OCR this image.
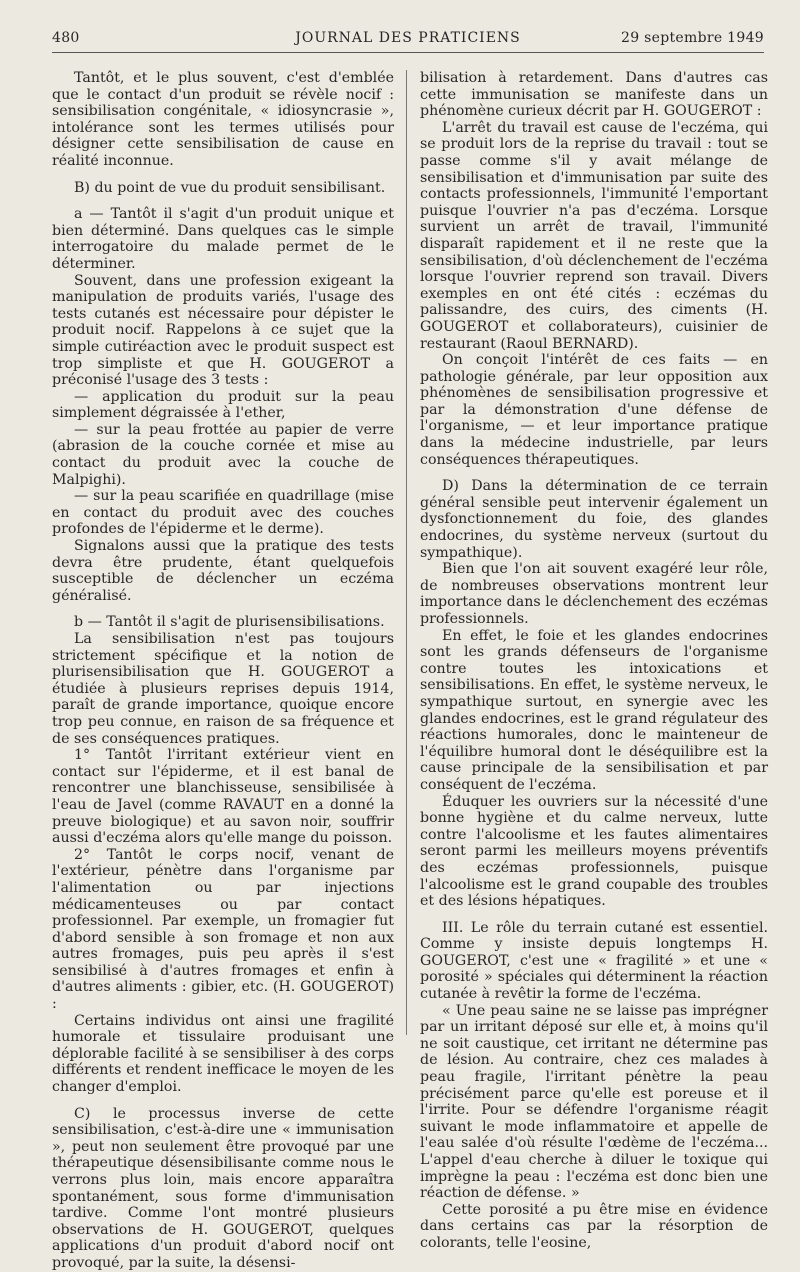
480	JOURNAL DES PRATICIENS	29 septembre 1949

Tantôt, et le plus souvent, c'est d'emblée que le contact d'un produit se révèle nocif : sensibilisation congénitale, « idiosyncrasie », intolérance sont les termes utilisés pour désigner cette sensibilisation de cause en réalité inconnue.

B) du point de vue du produit sensibilisant.

a — Tantôt il s'agit d'un produit unique et bien déterminé. Dans quelques cas le simple interrogatoire du malade permet de le déterminer.

Souvent, dans une profession exigeant la manipulation de produits variés, l'usage des tests cutanés est nécessaire pour dépister le produit nocif. Rappelons à ce sujet que la simple cutiréaction avec le produit suspect est trop simpliste et que H. GOUGEROT a préconisé l'usage des 3 tests :

— application du produit sur la peau simplement dégraissée à l'ether,

— sur la peau frottée au papier de verre (abrasion de la couche cornée et mise au contact du produit avec la couche de Malpighi).

— sur la peau scarifiée en quadrillage (mise en contact du produit avec des couches profondes de l'épiderme et le derme).

Signalons aussi que la pratique des tests devra être prudente, étant quelquefois susceptible de déclencher un eczéma généralisé.

b — Tantôt il s'agit de plurisensibilisations.

La sensibilisation n'est pas toujours strictement spécifique et la notion de plurisensibilisation que H. GOUGEROT a étudiée à plusieurs reprises depuis 1914, paraît de grande importance, quoique encore trop peu connue, en raison de sa fréquence et de ses conséquences pratiques.

1° Tantôt l'irritant extérieur vient en contact sur l'épiderme, et il est banal de rencontrer une blanchisseuse, sensibilisée à l'eau de Javel (comme RAVAUT en a donné la preuve biologique) et au savon noir, souffrir aussi d'eczéma alors qu'elle mange du poisson.

2° Tantôt le corps nocif, venant de l'extérieur, pénètre dans l'organisme par l'alimentation ou par injections médicamenteuses ou par contact professionnel. Par exemple, un fromagier fut d'abord sensible à son fromage et non aux autres fromages, puis peu après il s'est sensibilisé à d'autres fromages et enfin à d'autres aliments : gibier, etc. (H. GOUGEROT) :

Certains individus ont ainsi une fragilité humorale et tissulaire produisant une déplorable facilité à se sensibiliser à des corps différents et rendent inefficace le moyen de les changer d'emploi.

C) le processus inverse de cette sensibilisation, c'est-à-dire une « immunisation », peut non seulement être provoqué par une thérapeutique désensibilisante comme nous le verrons plus loin, mais encore apparaîtra spontanément, sous forme d'immunisation tardive. Comme l'ont montré plusieurs observations de H. GOUGEROT, quelques applications d'un produit d'abord nocif ont provoqué, par la suite, la désensi-

bilisation à retardement. Dans d'autres cas cette immunisation se manifeste dans un phénomène curieux décrit par H. GOUGEROT :

L'arrêt du travail est cause de l'eczéma, qui se produit lors de la reprise du travail : tout se passe comme s'il y avait mélange de sensibilisation et d'immunisation par suite des contacts professionnels, l'immunité l'emportant puisque l'ouvrier n'a pas d'eczéma. Lorsque survient un arrêt de travail, l'immunité disparaît rapidement et il ne reste que la sensibilisation, d'où déclenchement de l'eczéma lorsque l'ouvrier reprend son travail. Divers exemples en ont été cités : eczémas du palissandre, des cuirs, des ciments (H. GOUGEROT et collaborateurs), cuisinier de restaurant (Raoul BERNARD).

On conçoit l'intérêt de ces faits — en pathologie générale, par leur opposition aux phénomènes de sensibilisation progressive et par la démonstration d'une défense de l'organisme, — et leur importance pratique dans la médecine industrielle, par leurs conséquences thérapeutiques.

D) Dans la détermination de ce terrain général sensible peut intervenir également un dysfonctionnement du foie, des glandes endocrines, du système nerveux (surtout du sympathique).

Bien que l'on ait souvent exagéré leur rôle, de nombreuses observations montrent leur importance dans le déclenchement des eczémas professionnels.

En effet, le foie et les glandes endocrines sont les grands défenseurs de l'organisme contre toutes les intoxications et sensibilisations. En effet, le système nerveux, le sympathique surtout, en synergie avec les glandes endocrines, est le grand régulateur des réactions humorales, donc le mainteneur de l'équilibre humoral dont le déséquilibre est la cause principale de la sensibilisation et par conséquent de l'eczéma.

Éduquer les ouvriers sur la nécessité d'une bonne hygiène et du calme nerveux, lutte contre l'alcoolisme et les fautes alimentaires seront parmi les meilleurs moyens préventifs des eczémas professionnels, puisque l'alcoolisme est le grand coupable des troubles et des lésions hépatiques.

III. Le rôle du terrain cutané est essentiel. Comme y insiste depuis longtemps H. GOUGEROT, c'est une « fragilité » et une « porosité » spéciales qui déterminent la réaction cutanée à revêtir la forme de l'eczéma.

« Une peau saine ne se laisse pas imprégner par un irritant déposé sur elle et, à moins qu'il ne soit caustique, cet irritant ne détermine pas de lésion. Au contraire, chez ces malades à peau fragile, l'irritant pénètre la peau précisément parce qu'elle est poreuse et il l'irrite. Pour se défendre l'organisme réagit suivant le mode inflammatoire et appelle de l'eau salée d'où résulte l'œdème de l'eczéma... L'appel d'eau cherche à diluer le toxique qui imprègne la peau : l'eczéma est donc bien une réaction de défense. »

Cette porosité a pu être mise en évidence dans certains cas par la résorption de colorants, telle l'eosine,
